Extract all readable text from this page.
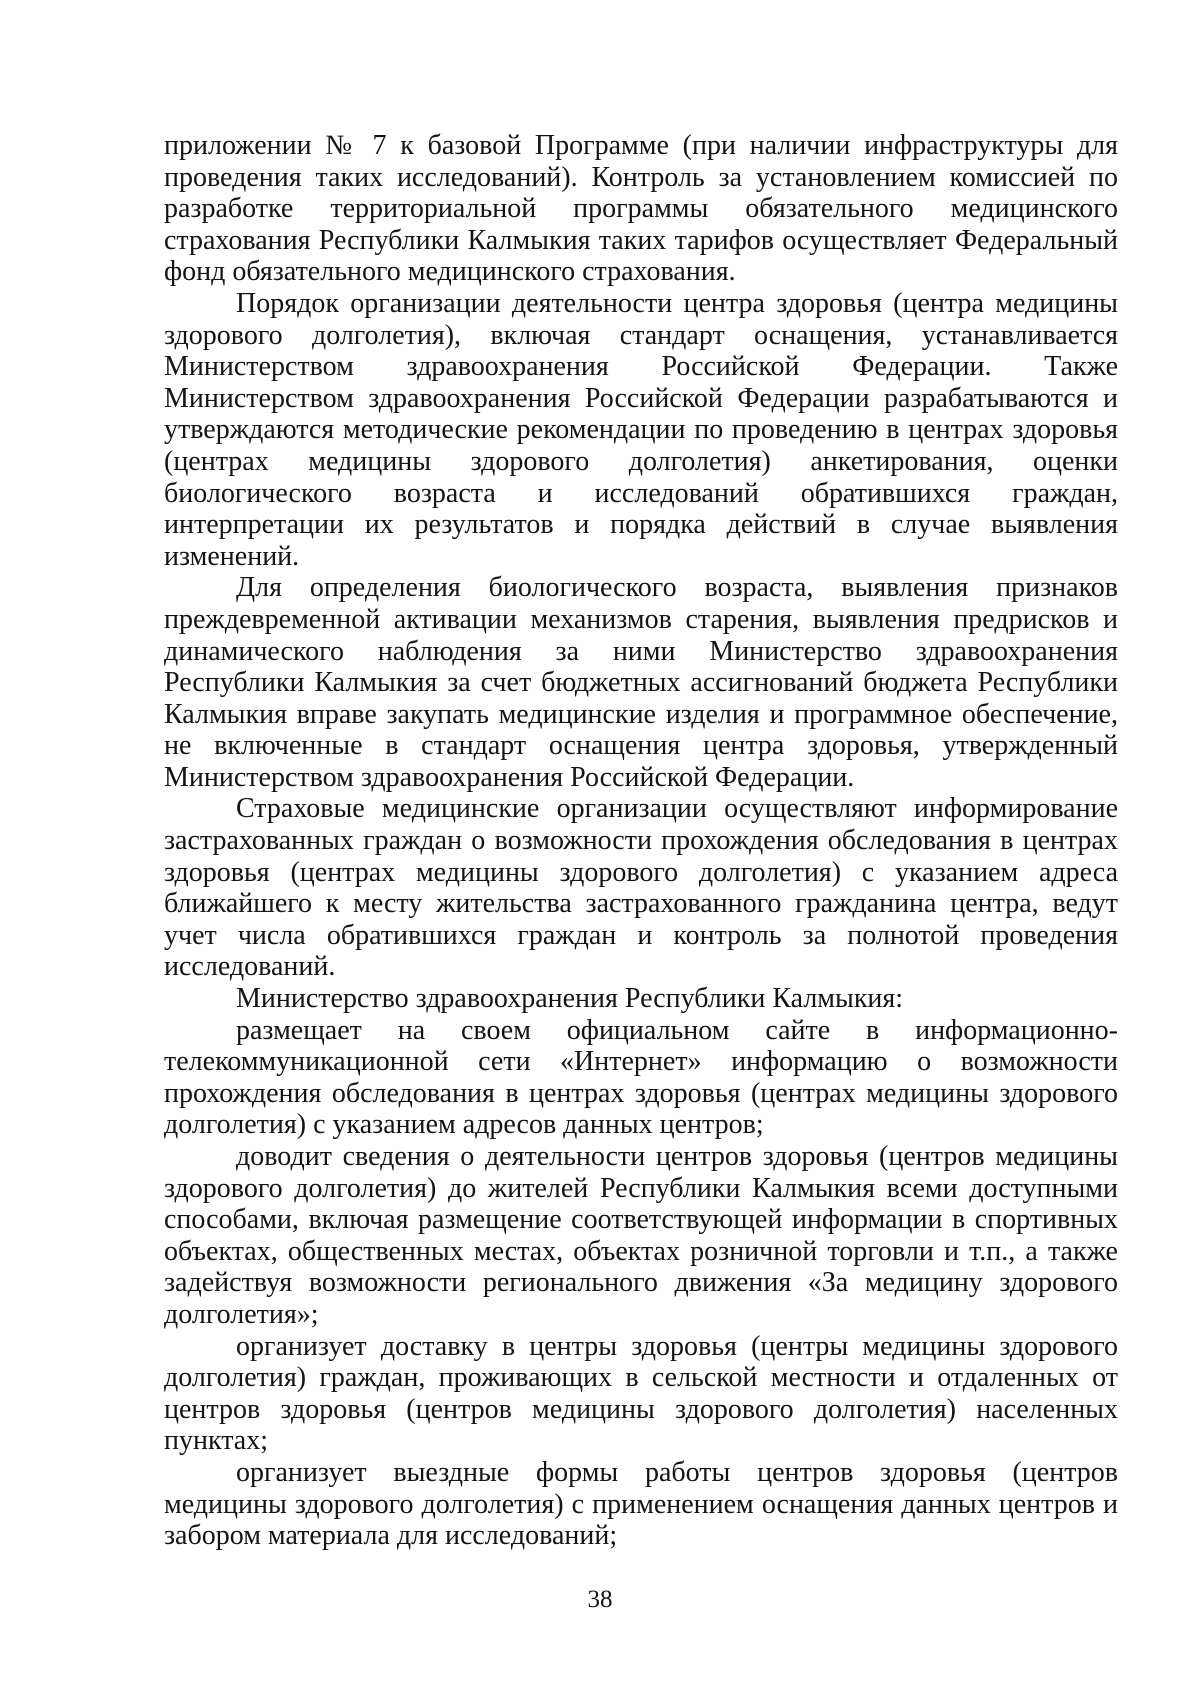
приложении № 7 к базовой Программе (при наличии инфраструктуры для проведения таких исследований). Контроль за установлением комиссией по разработке территориальной программы обязательного медицинского страхования Республики Калмыкия таких тарифов осуществляет Федеральный фонд обязательного медицинского страхования.

Порядок организации деятельности центра здоровья (центра медицины здорового долголетия), включая стандарт оснащения, устанавливается Министерством здравоохранения Российской Федерации. Также Министерством здравоохранения Российской Федерации разрабатываются и утверждаются методические рекомендации по проведению в центрах здоровья (центрах медицины здорового долголетия) анкетирования, оценки биологического возраста и исследований обратившихся граждан, интерпретации их результатов и порядка действий в случае выявления изменений.

Для определения биологического возраста, выявления признаков преждевременной активации механизмов старения, выявления предрисков и динамического наблюдения за ними Министерство здравоохранения Республики Калмыкия за счет бюджетных ассигнований бюджета Республики Калмыкия вправе закупать медицинские изделия и программное обеспечение, не включенные в стандарт оснащения центра здоровья, утвержденный Министерством здравоохранения Российской Федерации.

Страховые медицинские организации осуществляют информирование застрахованных граждан о возможности прохождения обследования в центрах здоровья (центрах медицины здорового долголетия) с указанием адреса ближайшего к месту жительства застрахованного гражданина центра, ведут учет числа обратившихся граждан и контроль за полнотой проведения исследований.

Министерство здравоохранения Республики Калмыкия:

размещает на своем официальном сайте в информационно-телекоммуникационной сети «Интернет» информацию о возможности прохождения обследования в центрах здоровья (центрах медицины здорового долголетия) с указанием адресов данных центров;

доводит сведения о деятельности центров здоровья (центров медицины здорового долголетия) до жителей Республики Калмыкия всеми доступными способами, включая размещение соответствующей информации в спортивных объектах, общественных местах, объектах розничной торговли и т.п., а также задействуя возможности регионального движения «За медицину здорового долголетия»;

организует доставку в центры здоровья (центры медицины здорового долголетия) граждан, проживающих в сельской местности и отдаленных от центров здоровья (центров медицины здорового долголетия) населенных пунктах;

организует выездные формы работы центров здоровья (центров медицины здорового долголетия) с применением оснащения данных центров и забором материала для исследований;

38
